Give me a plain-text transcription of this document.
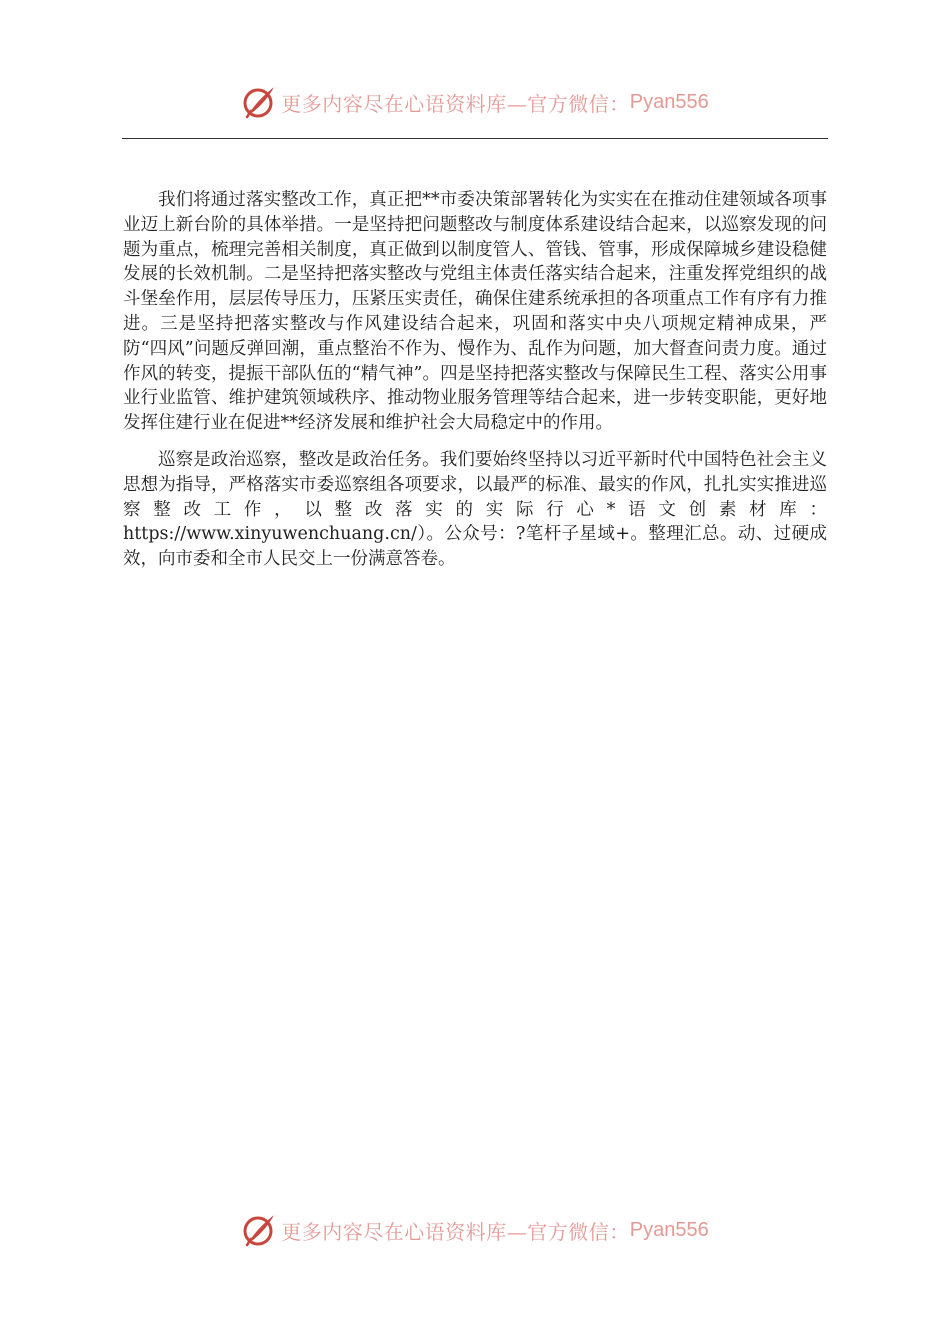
更多内容尽在心语资料库—官方微信： Pyan556

我们将通过落实整改工作，真正把**市委决策部署转化为实实在在推动住建领域各项事业迈上新台阶的具体举措。一是坚持把问题整改与制度体系建设结合起来，以巡察发现的问题为重点，梳理完善相关制度，真正做到以制度管人、管钱、管事，形成保障城乡建设稳健发展的长效机制。二是坚持把落实整改与党组主体责任落实结合起来，注重发挥党组织的战斗堡垒作用，层层传导压力，压紧压实责任，确保住建系统承担的各项重点工作有序有力推进。三是坚持把落实整改与作风建设结合起来，巩固和落实中央八项规定精神成果，严防“四风”问题反弹回潮，重点整治不作为、慢作为、乱作为问题，加大督查问责力度。通过作风的转变，提振干部队伍的“精气神”。四是坚持把落实整改与保障民生工程、落实公用事业行业监管、维护建筑领域秩序、推动物业服务管理等结合起来，进一步转变职能，更好地发挥住建行业在促进**经济发展和维护社会大局稳定中的作用。

巡察是政治巡察，整改是政治任务。我们要始终坚持以习近平新时代中国特色社会主义思想为指导，严格落实市委巡察组各项要求，以最严的标准、最实的作风，扎扎实实推进巡察整改工作，以整改落实的实际行心*语文创素材库：https://www.xinyuwenchuang.cn/）。公众号：?笔杆子星域+。整理汇总。动、过硬成效，向市委和全市人民交上一份满意答卷。

更多内容尽在心语资料库—官方微信： Pyan556
